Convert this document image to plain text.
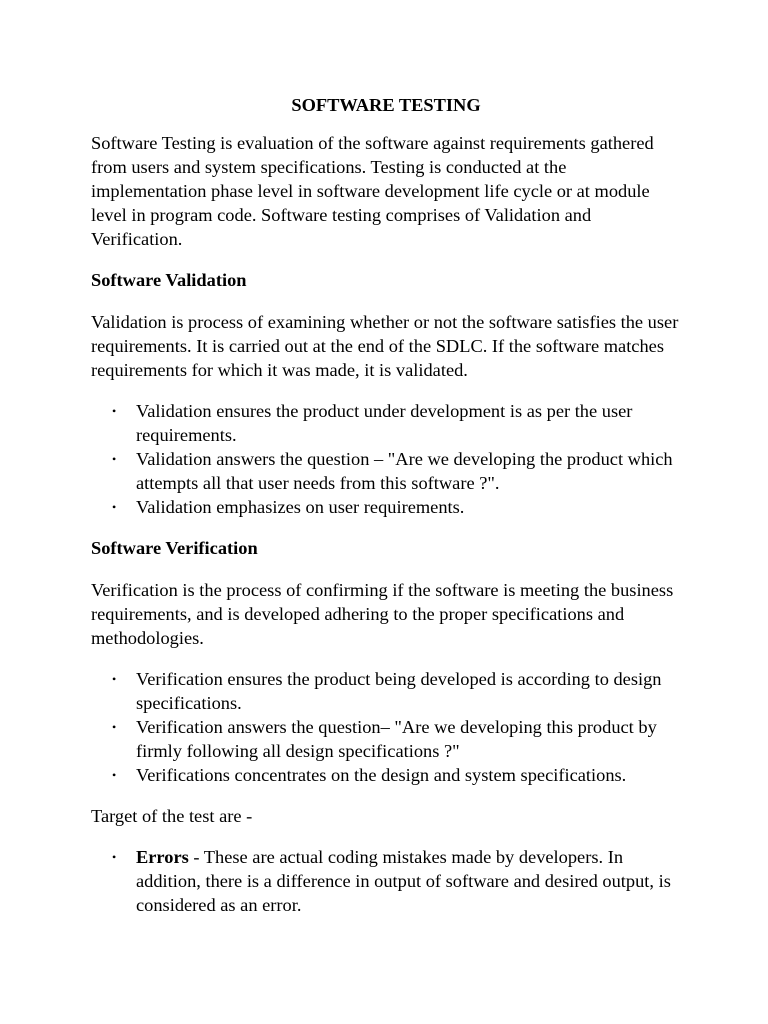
SOFTWARE TESTING

Software Testing is evaluation of the software against requirements gathered from users and system specifications. Testing is conducted at the implementation phase level in software development life cycle or at module level in program code. Software testing comprises of Validation and Verification.

Software Validation

Validation is process of examining whether or not the software satisfies the user requirements. It is carried out at the end of the SDLC. If the software matches requirements for which it was made, it is validated.

• Validation ensures the product under development is as per the user requirements.
• Validation answers the question – "Are we developing the product which attempts all that user needs from this software ?".
• Validation emphasizes on user requirements.
Software Verification

Verification is the process of confirming if the software is meeting the business requirements, and is developed adhering to the proper specifications and methodologies.

• Verification ensures the product being developed is according to design specifications.
• Verification answers the question– "Are we developing this product by firmly following all design specifications ?"
• Verifications concentrates on the design and system specifications.

Target of the test are -

• Errors - These are actual coding mistakes made by developers. In addition, there is a difference in output of software and desired output, is considered as an error.
